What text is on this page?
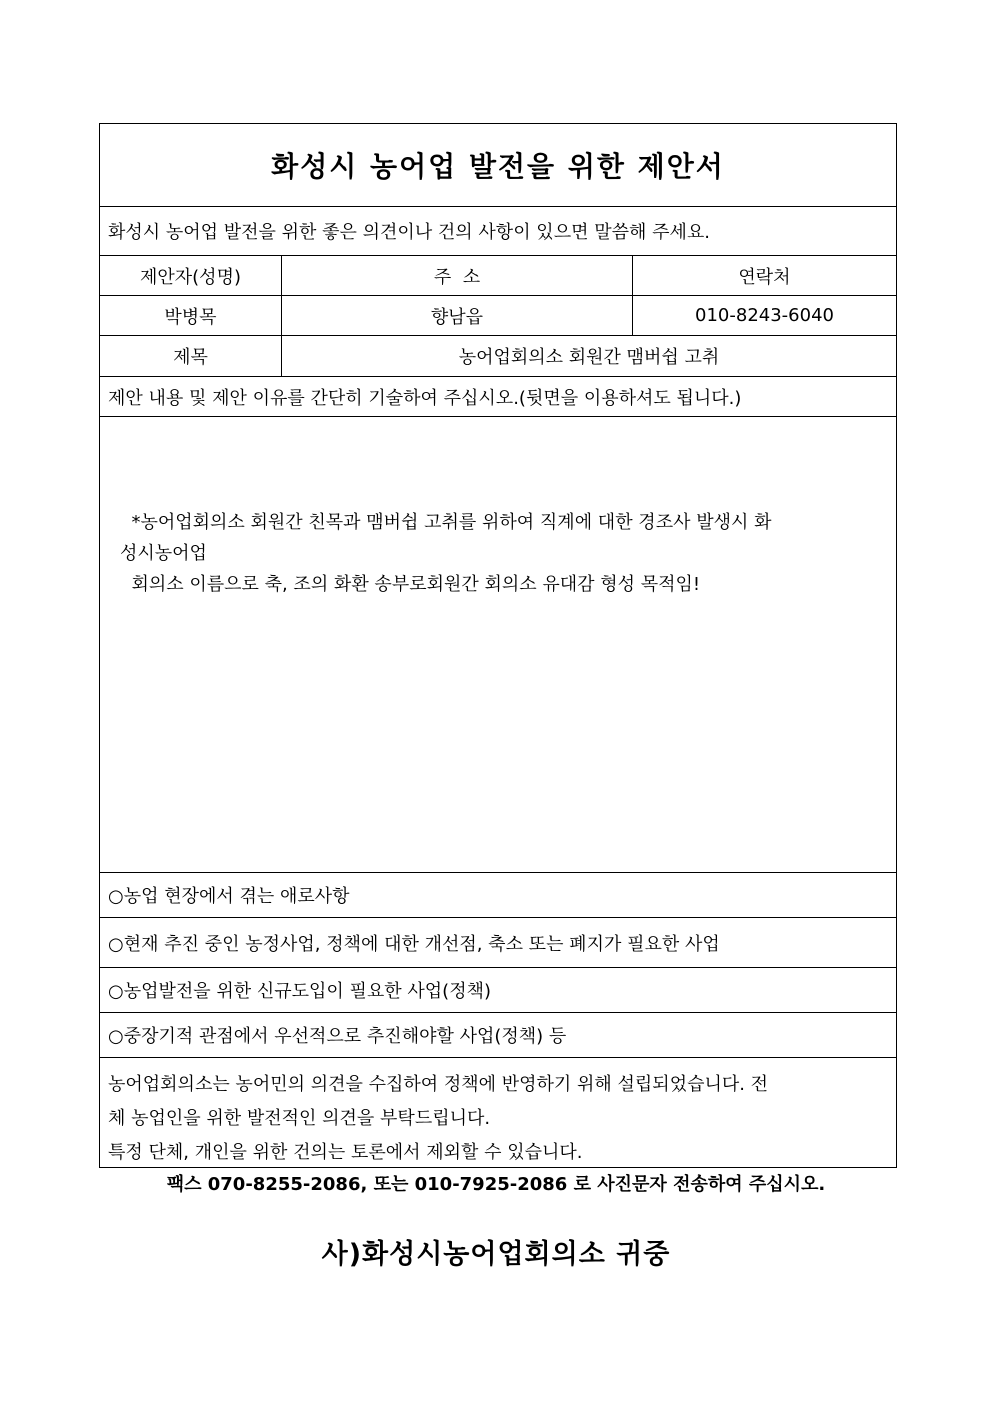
화성시 농어업 발전을 위한 제안서
화성시 농어업 발전을 위한 좋은 의견이나 건의 사항이 있으면 말씀해 주세요.
제안자(성명)	주  소	연락처
박병목	향남읍	010-8243-6040
제목	농어업회의소 회원간 맴버쉽 고취
제안 내용 및 제안 이유를 간단히 기술하여 주십시오.(뒷면을 이용하셔도 됩니다.)
*농어업회의소 회원간 친목과 맴버쉽 고취를 위하여 직계에 대한 경조사 발생시 화
성시농어업
회의소 이름으로 축, 조의 화환 송부로회원간 회의소 유대감 형성 목적임!
○농업 현장에서 겪는 애로사항
○현재 추진 중인 농정사업, 정책에 대한 개선점, 축소 또는 폐지가 필요한 사업
○농업발전을 위한 신규도입이 필요한 사업(정책)
○중장기적 관점에서 우선적으로 추진해야할 사업(정책) 등
농어업회의소는 농어민의 의견을 수집하여 정책에 반영하기 위해 설립되었습니다. 전
체 농업인을 위한 발전적인 의견을 부탁드립니다.
특정 단체, 개인을 위한 건의는 토론에서 제외할 수 있습니다.
팩스 070-8255-2086, 또는 010-7925-2086 로 사진문자 전송하여 주십시오.
사)화성시농어업회의소 귀중
